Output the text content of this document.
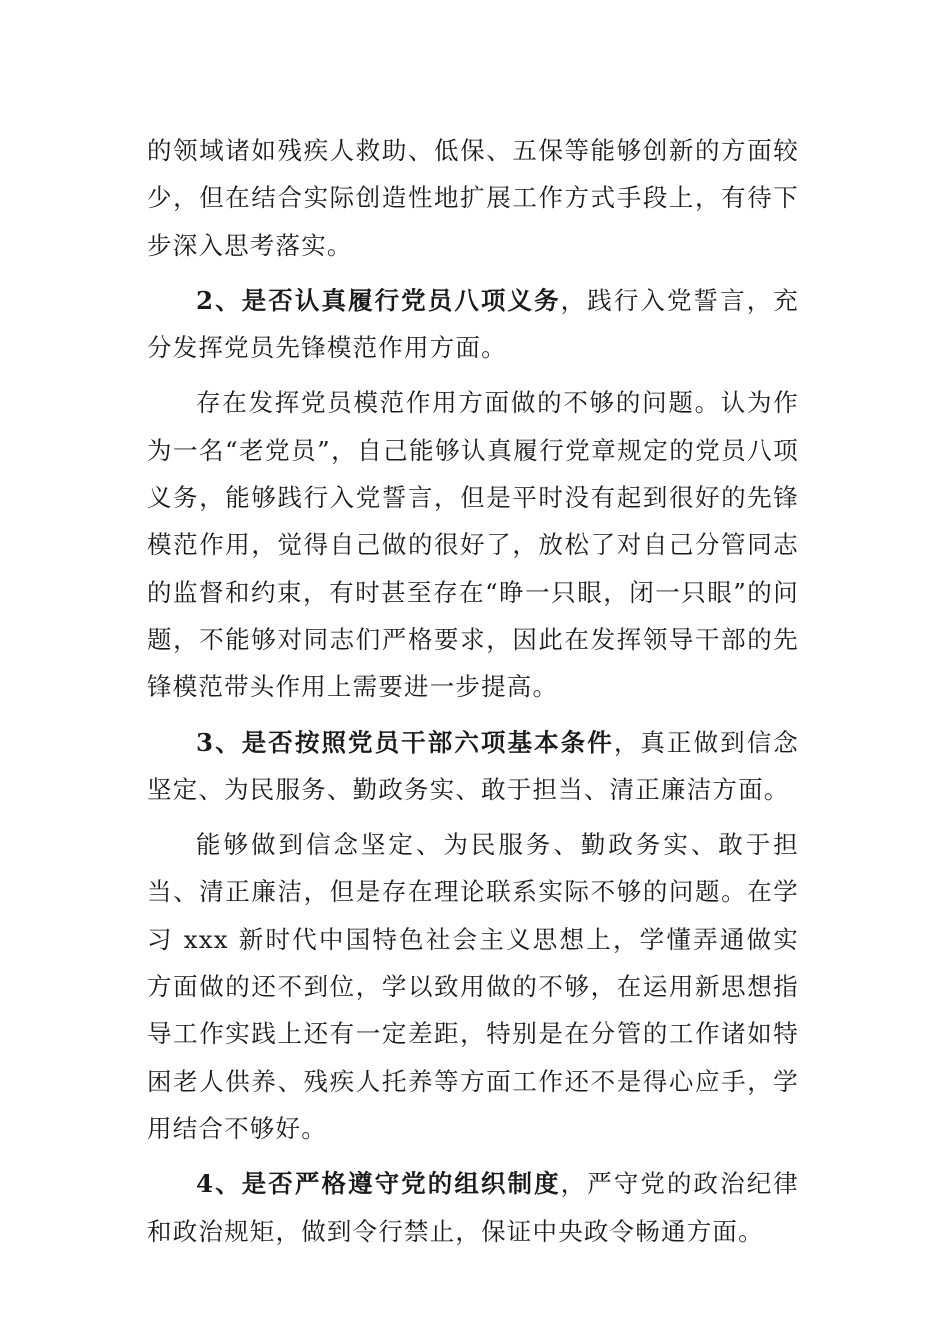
的领域诸如残疾人救助、低保、五保等能够创新的方面较少，但在结合实际创造性地扩展工作方式手段上，有待下步深入思考落实。

2、是否认真履行党员八项义务，践行入党誓言，充分发挥党员先锋模范作用方面。

存在发挥党员模范作用方面做的不够的问题。认为作为一名“老党员”，自己能够认真履行党章规定的党员八项义务，能够践行入党誓言，但是平时没有起到很好的先锋模范作用，觉得自己做的很好了，放松了对自己分管同志的监督和约束，有时甚至存在“睁一只眼，闭一只眼”的问题，不能够对同志们严格要求，因此在发挥领导干部的先锋模范带头作用上需要进一步提高。

3、是否按照党员干部六项基本条件，真正做到信念坚定、为民服务、勤政务实、敢于担当、清正廉洁方面。

能够做到信念坚定、为民服务、勤政务实、敢于担当、清正廉洁，但是存在理论联系实际不够的问题。在学习 xxx 新时代中国特色社会主义思想上，学懂弄通做实方面做的还不到位，学以致用做的不够，在运用新思想指导工作实践上还有一定差距，特别是在分管的工作诸如特困老人供养、残疾人托养等方面工作还不是得心应手，学用结合不够好。

4、是否严格遵守党的组织制度，严守党的政治纪律和政治规矩，做到令行禁止，保证中央政令畅通方面。
